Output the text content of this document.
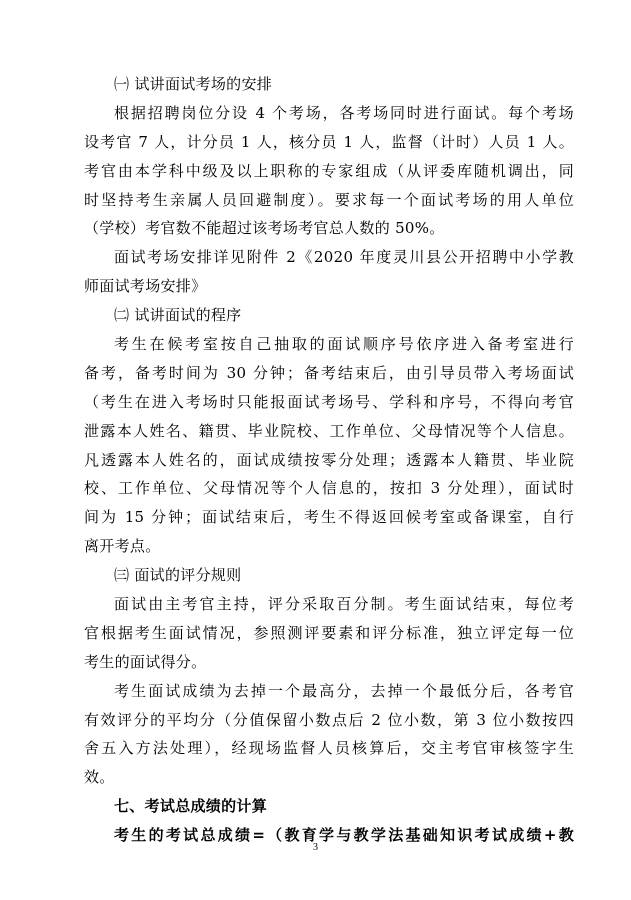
㈠ 试讲面试考场的安排
根据招聘岗位分设 4 个考场，各考场同时进行面试。每个考场
设考官 7 人，计分员 1 人，核分员 1 人，监督（计时）人员 1 人。
考官由本学科中级及以上职称的专家组成（从评委库随机调出，同
时坚持考生亲属人员回避制度）。要求每一个面试考场的用人单位
（学校）考官数不能超过该考场考官总人数的 50%。
面试考场安排详见附件 2《2020 年度灵川县公开招聘中小学教
师面试考场安排》
㈡ 试讲面试的程序
考生在候考室按自己抽取的面试顺序号依序进入备考室进行
备考，备考时间为 30 分钟；备考结束后，由引导员带入考场面试
（考生在进入考场时只能报面试考场号、学科和序号，不得向考官
泄露本人姓名、籍贯、毕业院校、工作单位、父母情况等个人信息。
凡透露本人姓名的，面试成绩按零分处理；透露本人籍贯、毕业院
校、工作单位、父母情况等个人信息的，按扣 3 分处理），面试时
间为 15 分钟；面试结束后，考生不得返回候考室或备课室，自行
离开考点。
㈢ 面试的评分规则
面试由主考官主持，评分采取百分制。考生面试结束，每位考
官根据考生面试情况，参照测评要素和评分标准，独立评定每一位
考生的面试得分。
考生面试成绩为去掉一个最高分，去掉一个最低分后，各考官
有效评分的平均分（分值保留小数点后 2 位小数，第 3 位小数按四
舍五入方法处理），经现场监督人员核算后，交主考官审核签字生
效。
七、考试总成绩的计算
考生的考试总成绩=（教育学与教学法基础知识考试成绩+教
3
